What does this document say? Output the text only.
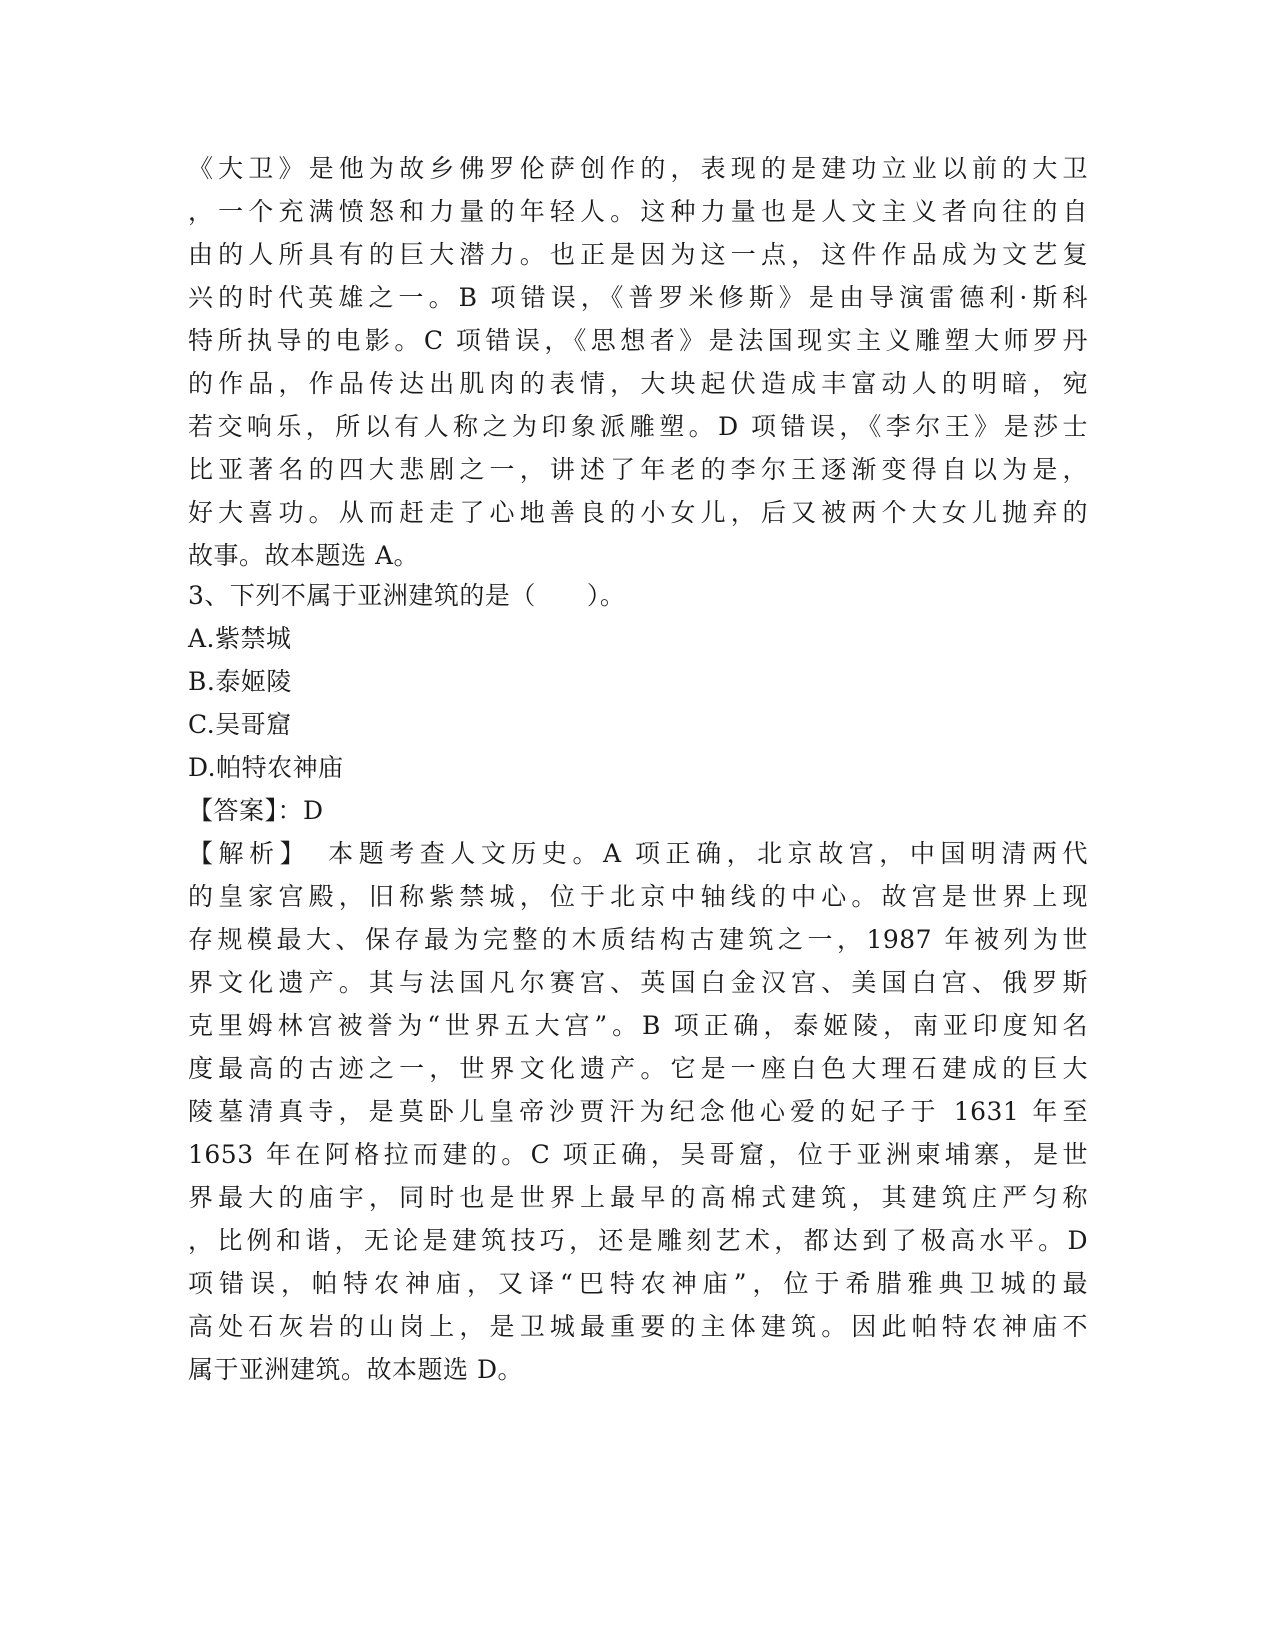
《大卫》是他为故乡佛罗伦萨创作的，表现的是建功立业以前的大卫
，一个充满愤怒和力量的年轻人。这种力量也是人文主义者向往的自
由的人所具有的巨大潜力。也正是因为这一点，这件作品成为文艺复
兴的时代英雄之一。B 项错误，《普罗米修斯》是由导演雷德利·斯科
特所执导的电影。C 项错误，《思想者》是法国现实主义雕塑大师罗丹
的作品，作品传达出肌肉的表情，大块起伏造成丰富动人的明暗，宛
若交响乐，所以有人称之为印象派雕塑。D 项错误，《李尔王》是莎士
比亚著名的四大悲剧之一，讲述了年老的李尔王逐渐变得自以为是，
好大喜功。从而赶走了心地善良的小女儿，后又被两个大女儿抛弃的
故事。故本题选 A。
3、下列不属于亚洲建筑的是（　　）。
A.紫禁城
B.泰姬陵
C.吴哥窟
D.帕特农神庙
【答案】：D
【解析】　本题考查人文历史。A 项正确，北京故宫，中国明清两代
的皇家宫殿，旧称紫禁城，位于北京中轴线的中心。故宫是世界上现
存规模最大、保存最为完整的木质结构古建筑之一，1987 年被列为世
界文化遗产。其与法国凡尔赛宫、英国白金汉宫、美国白宫、俄罗斯
克里姆林宫被誉为“世界五大宫”。B 项正确，泰姬陵，南亚印度知名
度最高的古迹之一，世界文化遗产。它是一座白色大理石建成的巨大
陵墓清真寺，是莫卧儿皇帝沙贾汗为纪念他心爱的妃子于 1631 年至
1653 年在阿格拉而建的。C 项正确，吴哥窟，位于亚洲柬埔寨，是世
界最大的庙宇，同时也是世界上最早的高棉式建筑，其建筑庄严匀称
，比例和谐，无论是建筑技巧，还是雕刻艺术，都达到了极高水平。D
项错误，帕特农神庙，又译“巴特农神庙”，位于希腊雅典卫城的最
高处石灰岩的山岗上，是卫城最重要的主体建筑。因此帕特农神庙不
属于亚洲建筑。故本题选 D。
